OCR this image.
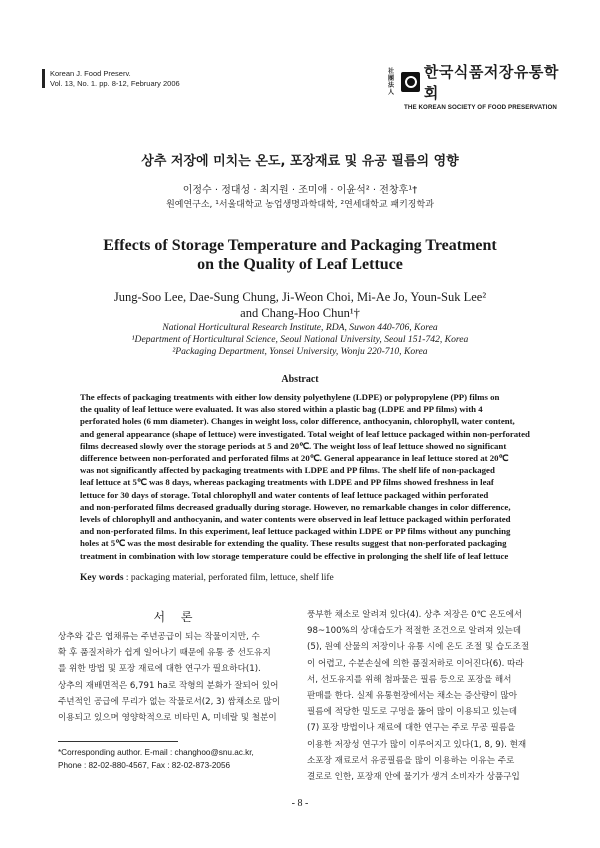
Korean J. Food Preserv.
Vol. 13, No. 1. pp. 8-12, February 2006
社團法人
한국식품저장유통학회
THE KOREAN SOCIETY OF FOOD PRESERVATION
상추 저장에 미치는 온도, 포장재료 및 유공 필름의 영향
이정수 · 정대성 · 최지원 · 조미애 · 이윤석² · 전창후¹†
원예연구소, ¹서울대학교 농업생명과학대학, ²연세대학교 패키징학과
Effects of Storage Temperature and Packaging Treatment
on the Quality of Leaf Lettuce
Jung-Soo Lee, Dae-Sung Chung, Ji-Weon Choi, Mi-Ae Jo, Youn-Suk Lee²
and Chang-Hoo Chun¹†
National Horticultural Research Institute, RDA, Suwon 440-706, Korea
¹Department of Horticultural Science, Seoul National University, Seoul 151-742, Korea
²Packaging Department, Yonsei University, Wonju 220-710, Korea
Abstract
The effects of packaging treatments with either low density polyethylene (LDPE) or polypropylene (PP) films on
the quality of leaf lettuce were evaluated. It was also stored within a plastic bag (LDPE and PP films) with 4
perforated holes (6 mm diameter). Changes in weight loss, color difference, anthocyanin, chlorophyll, water content,
and general appearance (shape of lettuce) were investigated. Total weight of leaf lettuce packaged within non-perforated
films decreased slowly over the storage periods at 5 and 20℃. The weight loss of leaf lettuce showed no significant
difference between non-perforated and perforated films at 20℃. General appearance in leaf lettuce stored at 20℃
was not significantly affected by packaging treatments with LDPE and PP films. The shelf life of non-packaged
leaf lettuce at 5℃ was 8 days, whereas packaging treatments with LDPE and PP films showed freshness in leaf
lettuce for 30 days of storage. Total chlorophyll and water contents of leaf lettuce packaged within perforated
and non-perforated films decreased gradually during storage. However, no remarkable changes in color difference,
levels of chlorophyll and anthocyanin, and water contents were observed in leaf lettuce packaged within perforated
and non-perforated films. In this experiment, leaf lettuce packaged within LDPE or PP films without any punching
holes at 5℃ was the most desirable for extending the quality. These results suggest that non-perforated packaging
treatment in combination with low storage temperature could be effective in prolonging the shelf life of leaf lettuce
Key words : packaging material, perforated film, lettuce, shelf life
서 론
상추와 같은 엽채류는 주년공급이 되는 작물이지만, 수
확 후 품질저하가 쉽게 일어나기 때문에 유통 중 선도유지
를 위한 방법 및 포장 재료에 대한 연구가 필요하다(1).
상추의 재배면적은 6,791 ha로 작형의 분화가 잘되어 있어
주년적인 공급에 무리가 없는 작물로서(2, 3) 쌈채소로 많이
이용되고 있으며 영양학적으로 비타민 A, 미네랄 및 철분이
풍부한 채소로 알려져 있다(4). 상추 저장은 0℃ 온도에서
98~100%의 상대습도가 적절한 조건으로 알려져 있는데
(5), 원예 산물의 저장이나 유통 시에 온도 조절 및 습도조절
이 어렵고, 수분손실에 의한 품질저하로 이어진다(6). 따라
서, 선도유지를 위해 첨파물은 필름 등으로 포장을 해서
판매를 한다. 실제 유통현장에서는 채소는 증산량이 많아
필름에 적당한 밀도로 구멍을 뚫어 많이 이용되고 있는데
(7) 포장 방법이나 재료에 대한 연구는 주로 무공 필름을
이용한 저장성 연구가 많이 이루어지고 있다(1, 8, 9). 현재
소포장 재료로서 유공필름을 많이 이용하는 이유는 주로
결로로 인한, 포장재 안에 물기가 생겨 소비자가 상품구입
*Corresponding author. E-mail : changhoo@snu.ac.kr,
Phone : 82-02-880-4567, Fax : 82-02-873-2056
- 8 -
